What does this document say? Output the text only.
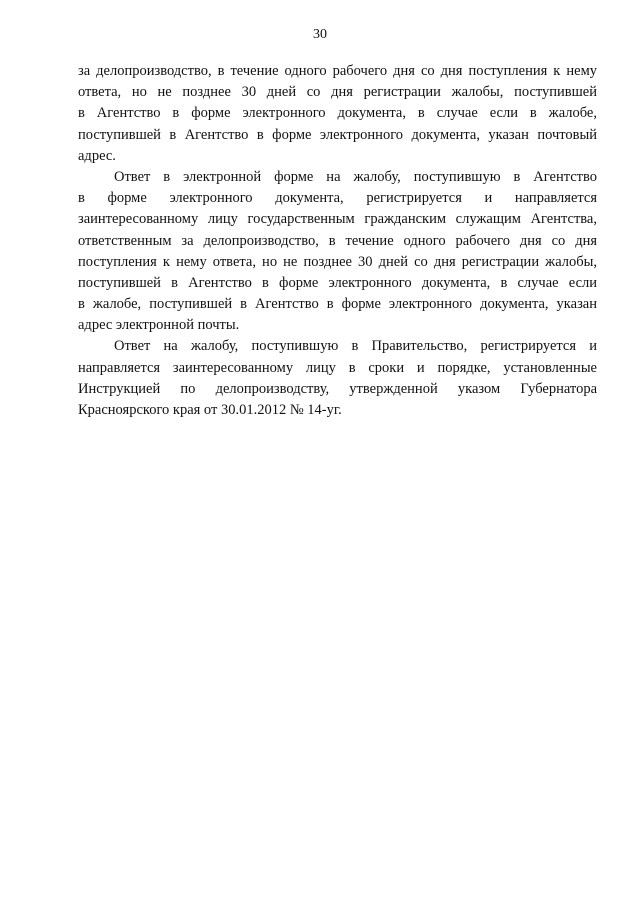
30
за делопроизводство, в течение одного рабочего дня со дня поступления к нему
ответа, но не позднее 30 дней со дня регистрации жалобы, поступившей
в Агентство в форме электронного документа, в случае если в жалобе,
поступившей в Агентство в форме электронного документа, указан почтовый
адрес.
Ответ в электронной форме на жалобу, поступившую в Агентство
в форме электронного документа, регистрируется и направляется
заинтересованному лицу государственным гражданским служащим Агентства,
ответственным за делопроизводство, в течение одного рабочего дня со дня
поступления к нему ответа, но не позднее 30 дней со дня регистрации жалобы,
поступившей в Агентство в форме электронного документа, в случае если
в жалобе, поступившей в Агентство в форме электронного документа, указан
адрес электронной почты.
Ответ на жалобу, поступившую в Правительство, регистрируется и
направляется заинтересованному лицу в сроки и порядке, установленные
Инструкцией по делопроизводству, утвержденной указом Губернатора
Красноярского края от 30.01.2012 № 14-уг.
